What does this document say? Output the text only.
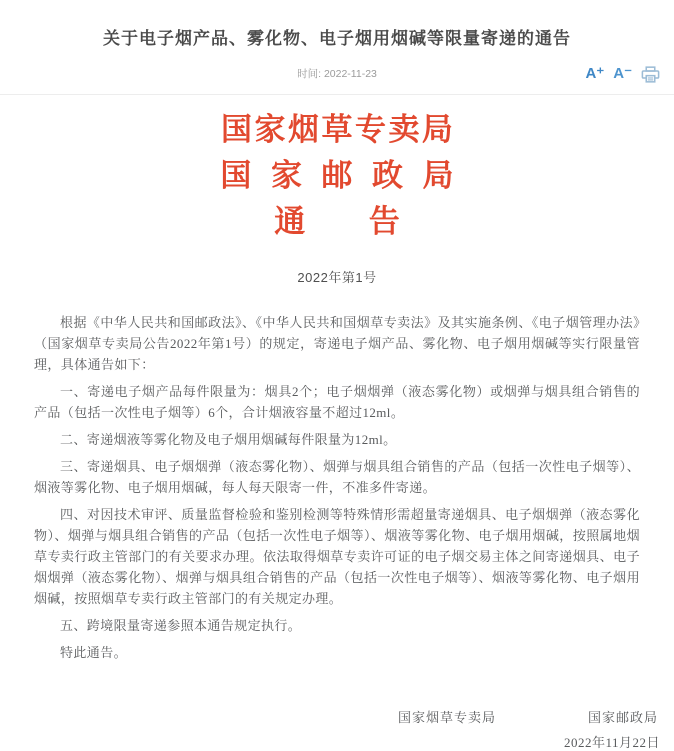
关于电子烟产品、雾化物、电子烟用烟碱等限量寄递的通告
时间: 2022-11-23	A⁺ A⁻
国家烟草专卖局
国家邮政局
通告
2022年第1号

根据《中华人民共和国邮政法》、《中华人民共和国烟草专卖法》及其实施条例、《电子烟管理办法》（国家烟草专卖局公告2022年第1号）的规定，寄递电子烟产品、雾化物、电子烟用烟碱等实行限量管理，具体通告如下：

一、寄递电子烟产品每件限量为：烟具2个；电子烟烟弹（液态雾化物）或烟弹与烟具组合销售的产品（包括一次性电子烟等）6个，合计烟液容量不超过12ml。

二、寄递烟液等雾化物及电子烟用烟碱每件限量为12ml。

三、寄递烟具、电子烟烟弹（液态雾化物）、烟弹与烟具组合销售的产品（包括一次性电子烟等）、烟液等雾化物、电子烟用烟碱，每人每天限寄一件，不准多件寄递。

四、对因技术审评、质量监督检验和鉴别检测等特殊情形需超量寄递烟具、电子烟烟弹（液态雾化物）、烟弹与烟具组合销售的产品（包括一次性电子烟等）、烟液等雾化物、电子烟用烟碱，按照属地烟草专卖行政主管部门的有关要求办理。依法取得烟草专卖许可证的电子烟交易主体之间寄递烟具、电子烟烟弹（液态雾化物）、烟弹与烟具组合销售的产品（包括一次性电子烟等）、烟液等雾化物、电子烟用烟碱，按照烟草专卖行政主管部门的有关规定办理。

五、跨境限量寄递参照本通告规定执行。

特此通告。

国家烟草专卖局	国家邮政局
2022年11月22日
